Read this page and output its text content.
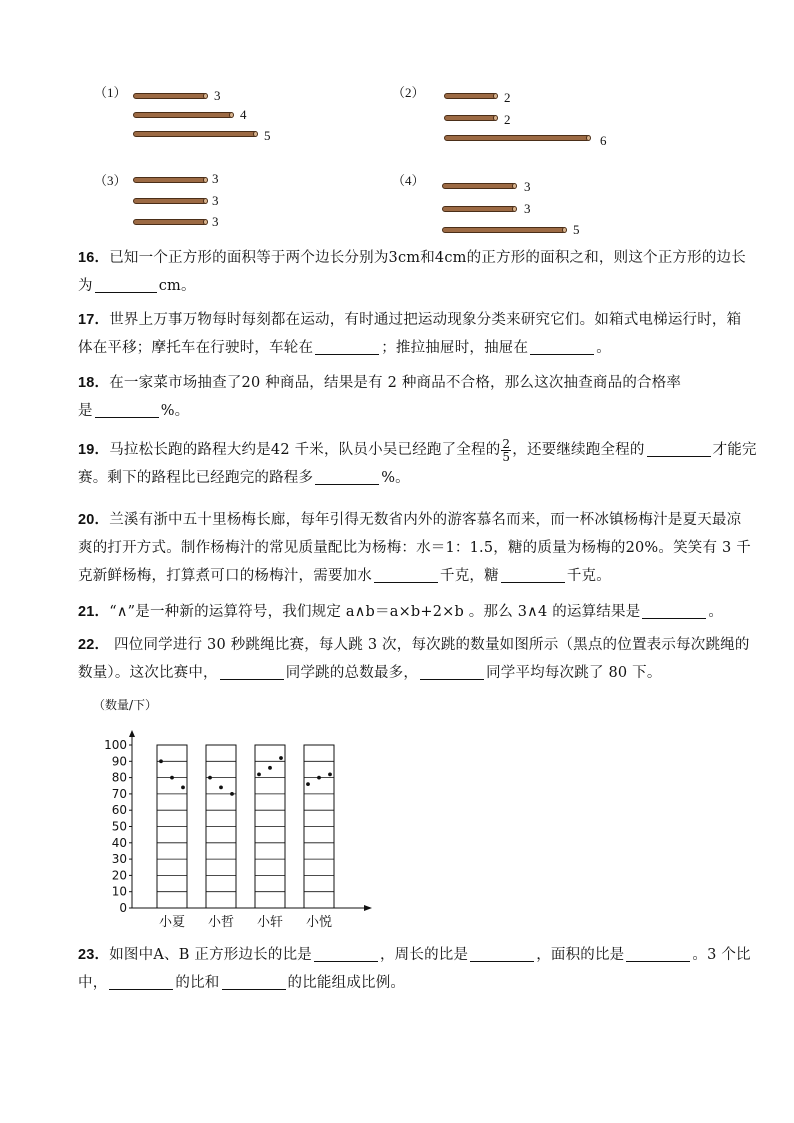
（1）	3
4
5
（2）	2
2
6
（3）	3
3
3
（4）	3
3
5
16．已知一个正方形的面积等于两个边长分别为3cm和4cm的正方形的面积之和，则这个正方形的边长
为	cm。
17．世界上万事万物每时每刻都在运动，有时通过把运动现象分类来研究它们。如箱式电梯运行时，箱
体在平移；摩托车在行驶时，车轮在	；推拉抽屉时，抽屉在	。
18．在一家菜市场抽查了20 种商品，结果是有 2 种商品不合格，那么这次抽查商品的合格率
是	%。
19．马拉松长跑的路程大约是42 千米，队员小吴已经跑了全程的 $\frac{2}{5}$ ，还要继续跑全程的	才能完
赛。剩下的路程比已经跑完的路程多	%。
20．兰溪有浙中五十里杨梅长廊，每年引得无数省内外的游客慕名而来，而一杯冰镇杨梅汁是夏天最凉
爽的打开方式。制作杨梅汁的常见质量配比为杨梅：水＝1：1.5，糖的质量为杨梅的20%。笑笑有 3 千
克新鲜杨梅，打算煮可口的杨梅汁，需要加水	千克，糖	千克。
21．“∧”是一种新的运算符号，我们规定 a∧b＝a×b+2×b 。那么 3∧4 的运算结果是	。
22． 四位同学进行 30 秒跳绳比赛，每人跳 3 次，每次跳的数量如图所示（黑点的位置表示每次跳绳的
数量）。这次比赛中，	同学跳的总数最多，	同学平均每次跳了 80 下。
（数量/下）
0
10
20
30
40
50
60
70
80
90
100
小夏 小哲 小轩 小悦
23．如图中A、B 正方形边长的比是	，周长的比是	，面积的比是	。3 个比
中，	的比和	的比能组成比例。
